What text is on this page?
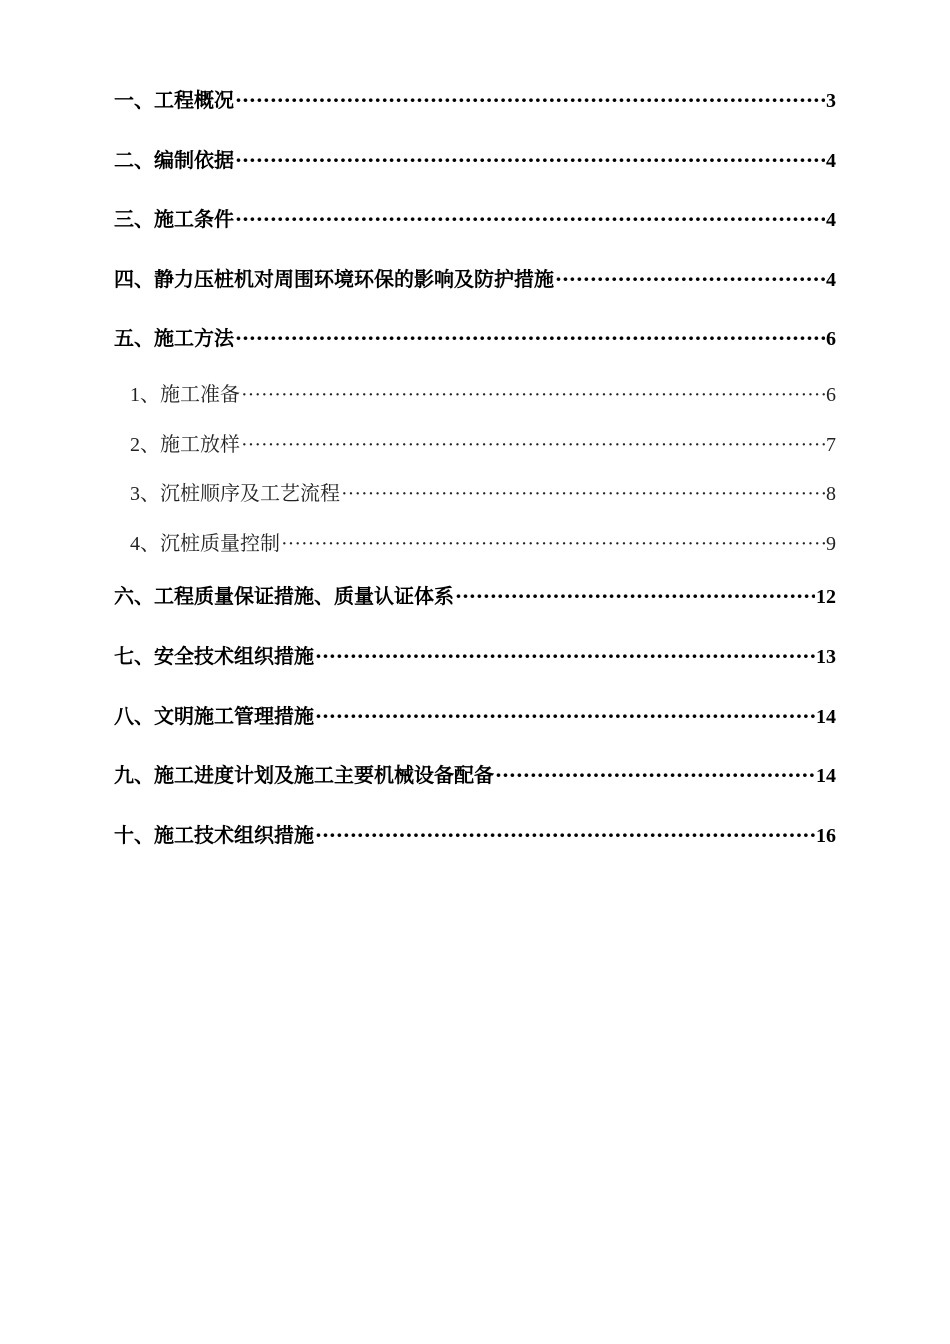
一、工程概况 ·····	3
二、编制依据 ·····	4
三、施工条件 ·····	4
四、静力压桩机对周围环境环保的影响及防护措施 ·····	4
五、施工方法 ·····	6
1、施工准备 ·····	6
2、施工放样 ·····	7
3、沉桩顺序及工艺流程 ·····	8
4、沉桩质量控制 ·····	9
六、工程质量保证措施、质量认证体系 ·····	12
七、安全技术组织措施 ·····	13
八、文明施工管理措施 ·····	14
九、施工进度计划及施工主要机械设备配备 ·····	14
十、施工技术组织措施 ·····	16
